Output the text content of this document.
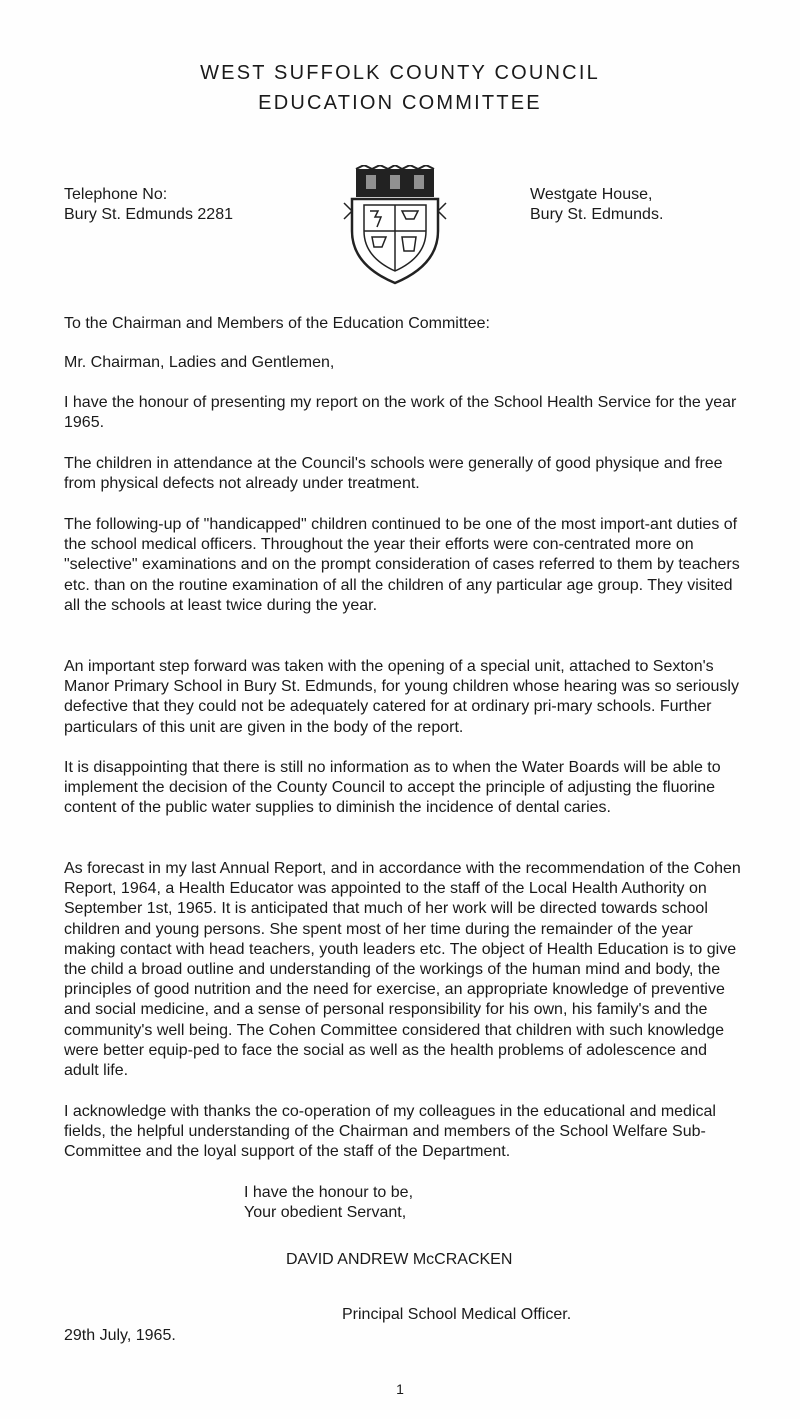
WEST SUFFOLK COUNTY COUNCIL
EDUCATION COMMITTEE
Telephone No:
Bury St. Edmunds 2281
Westgate House,
Bury St. Edmunds.

To the Chairman and Members of the Education Committee:

Mr. Chairman, Ladies and Gentlemen,

I have the honour of presenting my report on the work of the School Health Service for the year 1965.

The children in attendance at the Council's schools were generally of good physique and free from physical defects not already under treatment.

The following-up of "handicapped" children continued to be one of the most import-ant duties of the school medical officers. Throughout the year their efforts were con-centrated more on "selective" examinations and on the prompt consideration of cases referred to them by teachers etc. than on the routine examination of all the children of any particular age group. They visited all the schools at least twice during the year.

An important step forward was taken with the opening of a special unit, attached to Sexton's Manor Primary School in Bury St. Edmunds, for young children whose hearing was so seriously defective that they could not be adequately catered for at ordinary pri-mary schools. Further particulars of this unit are given in the body of the report.

It is disappointing that there is still no information as to when the Water Boards will be able to implement the decision of the County Council to accept the principle of adjusting the fluorine content of the public water supplies to diminish the incidence of dental caries.

As forecast in my last Annual Report, and in accordance with the recommendation of the Cohen Report, 1964, a Health Educator was appointed to the staff of the Local Health Authority on September 1st, 1965. It is anticipated that much of her work will be directed towards school children and young persons. She spent most of her time during the remainder of the year making contact with head teachers, youth leaders etc. The object of Health Education is to give the child a broad outline and understanding of the workings of the human mind and body, the principles of good nutrition and the need for exercise, an appropriate knowledge of preventive and social medicine, and a sense of personal responsibility for his own, his family's and the community's well being. The Cohen Committee considered that children with such knowledge were better equip-ped to face the social as well as the health problems of adolescence and adult life.

I acknowledge with thanks the co-operation of my colleagues in the educational and medical fields, the helpful understanding of the Chairman and members of the School Welfare Sub-Committee and the loyal support of the staff of the Department.

I have the honour to be,
Your obedient Servant,
DAVID ANDREW McCRACKEN
Principal School Medical Officer.
29th July, 1965.
1
